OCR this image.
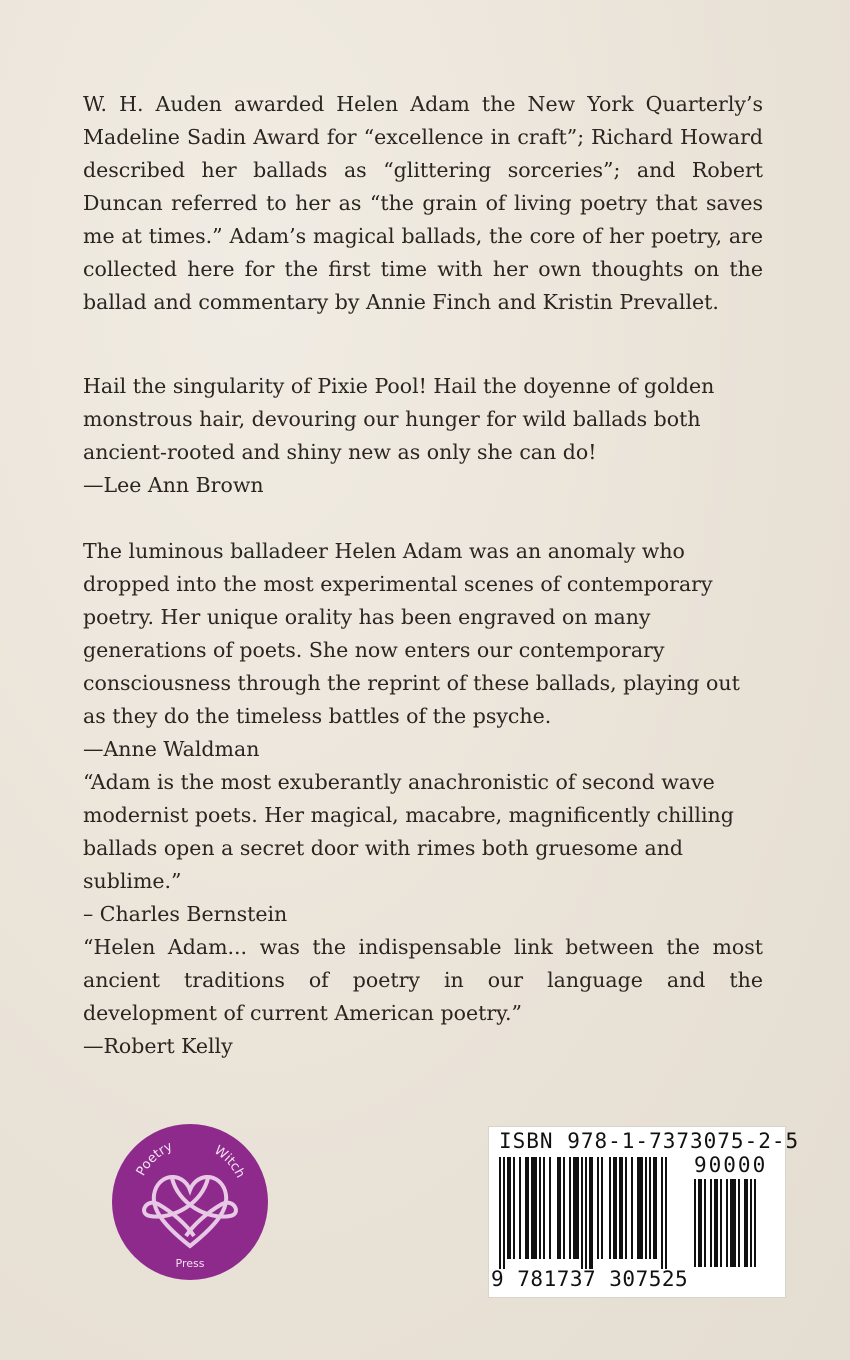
W. H. Auden awarded Helen Adam the New York Quarterly’s Madeline Sadin Award for “excellence in craft”; Richard Howard described her ballads as “glittering sorceries”; and Robert Duncan referred to her as “the grain of living poetry that saves me at times.” Adam’s magical ballads, the core of her poetry, are collected here for the first time with her own thoughts on the ballad and commentary by Annie Finch and Kristin Prevallet.

Hail the singularity of Pixie Pool! Hail the doyenne of golden monstrous hair, devouring our hunger for wild ballads both ancient-rooted and shiny new as only she can do!

—Lee Ann Brown

The luminous balladeer Helen Adam was an anomaly who dropped into the most experimental scenes of contemporary poetry. Her unique orality has been engraved on many generations of poets. She now enters our contemporary consciousness through the reprint of these ballads, playing out as they do the timeless battles of the psyche.

—Anne Waldman

“Adam is the most exuberantly anachronistic of second wave modernist poets. Her magical, macabre, magnificently chilling ballads open a secret door with rimes both gruesome and sublime.”

– Charles Bernstein

“Helen Adam... was the indispensable link between the most ancient traditions of poetry in our language and the development of current American poetry.”

—Robert Kelly
Poetry	Witch
Press
ISBN 978-1-7373075-2-5
90000
9 781737 307525
